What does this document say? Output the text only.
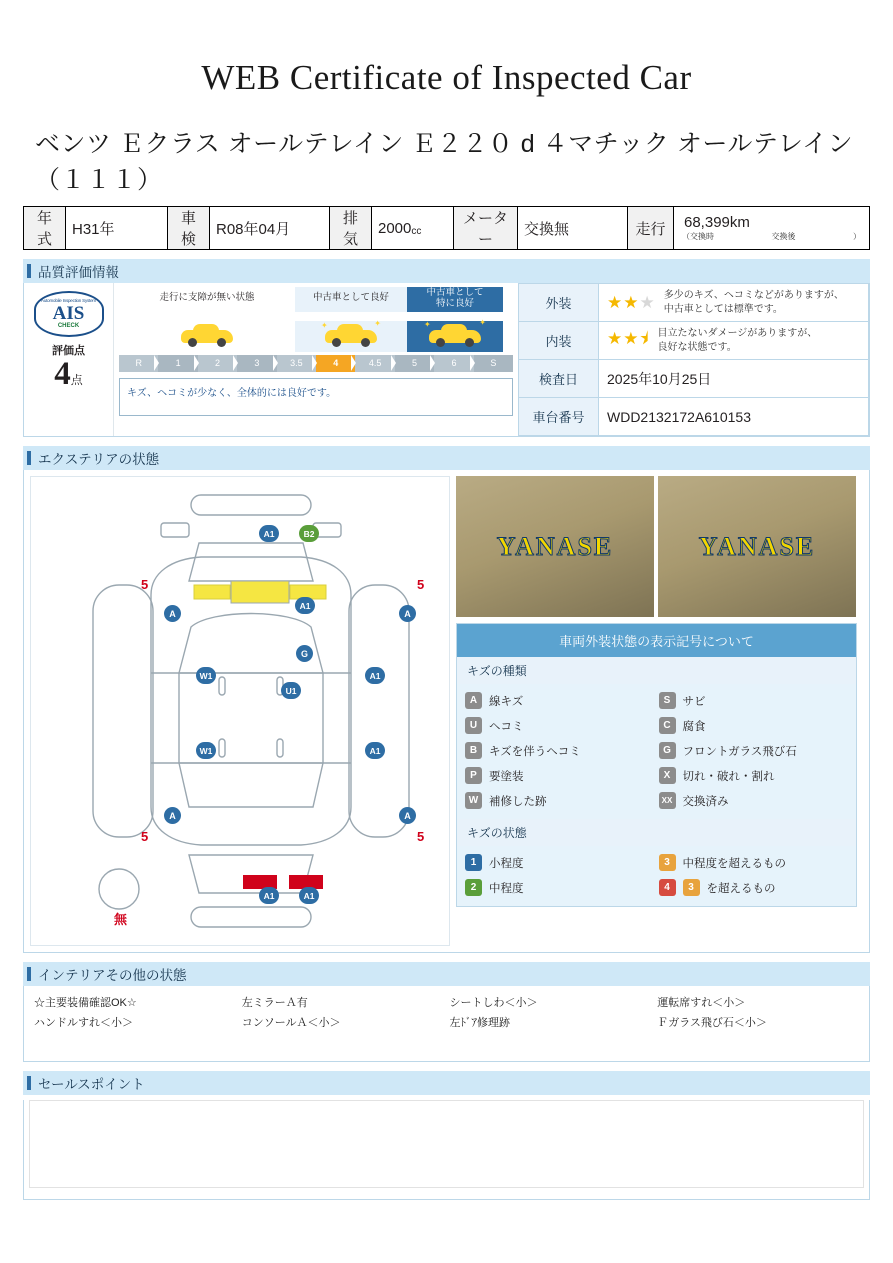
WEB Certificate of Inspected Car
ベンツ Ｅクラス オールテレイン Ｅ２２０ d ４マチック オールテレイン（１１１）
年式	H31年	車検	R08年04月	排気	2000cc	メーター	交換無	走行	68,399km
（交換時	交換後	）
品質評価情報
Automobile Inspection System
AIS
CHECK
評価点
4点
走行に支障が無い状態	中古車として良好	中古車として
特に良好
✦	✦	✦	✦
R	1	2	3	3.5	4	4.5	5	6	S
キズ、ヘコミが少なく、全体的には良好です。
外装	★★★ 多少のキズ、ヘコミなどがありますが、
中古車としては標準です。

内装	★★⯨ 目立たないダメージがありますが、
良好な状態です。

検査日	2025年10月25日
車台番号	WDD2132172A610153
エクステリアの状態
A1	B2
A
A1
A
W1
G
A1
U1
W1	A1
A	A
A1	A1
5	5
5	5
無
YANASE	YANASE
車両外装状態の表示記号について
キズの種類
A	線キズ	S	サビ
U	ヘコミ	C	腐食
B	キズを伴うヘコミ	G	フロントガラス飛び石
P	要塗装	X	切れ・破れ・割れ
W 補修した跡	XX 交換済み
キズの状態
1	小程度	3	中程度を超えるもの
2	中程度	4	3	を超えるもの
インテリアその他の状態
☆主要装備確認OK☆	左ミラーＡ有	シートしわ＜小＞	運転席すれ＜小＞
ハンドルすれ＜小＞	コンソールＡ＜小＞	左ﾄﾞｱ修理跡	Ｆガラス飛び石＜小＞
セールスポイント
